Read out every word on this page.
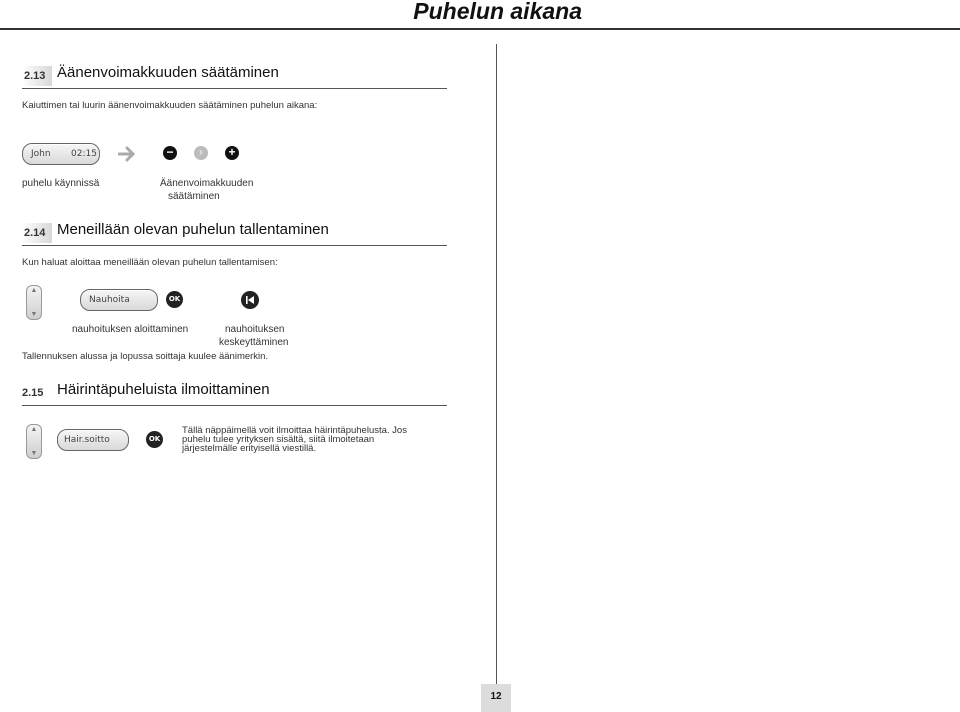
Puhelun aikana
2.13 Äänenvoimakkuuden säätäminen
Kaiuttimen tai luurin äänenvoimakkuuden säätäminen puhelun aikana:
John 02:15	−	))	+
puhelu käynnissä	Äänenvoimakkuuden
säätäminen
2.14 Meneillään olevan puhelun tallentaminen
Kun haluat aloittaa meneillään olevan puhelun tallentamisen:
▲
▼
Nauhoita	OK
nauhoituksen aloittaminen	nauhoituksen
keskeyttäminen
Tallennuksen alussa ja lopussa soittaja kuulee äänimerkin.
2.15 Häirintäpuheluista ilmoittaminen
▲
▼
Hair.soitto	OK
Tällä näppäimellä voit ilmoittaa häirintäpuhelusta. Jos
puhelu tulee yrityksen sisältä, siitä ilmoitetaan
järjestelmälle erityisellä viestillä.
12
